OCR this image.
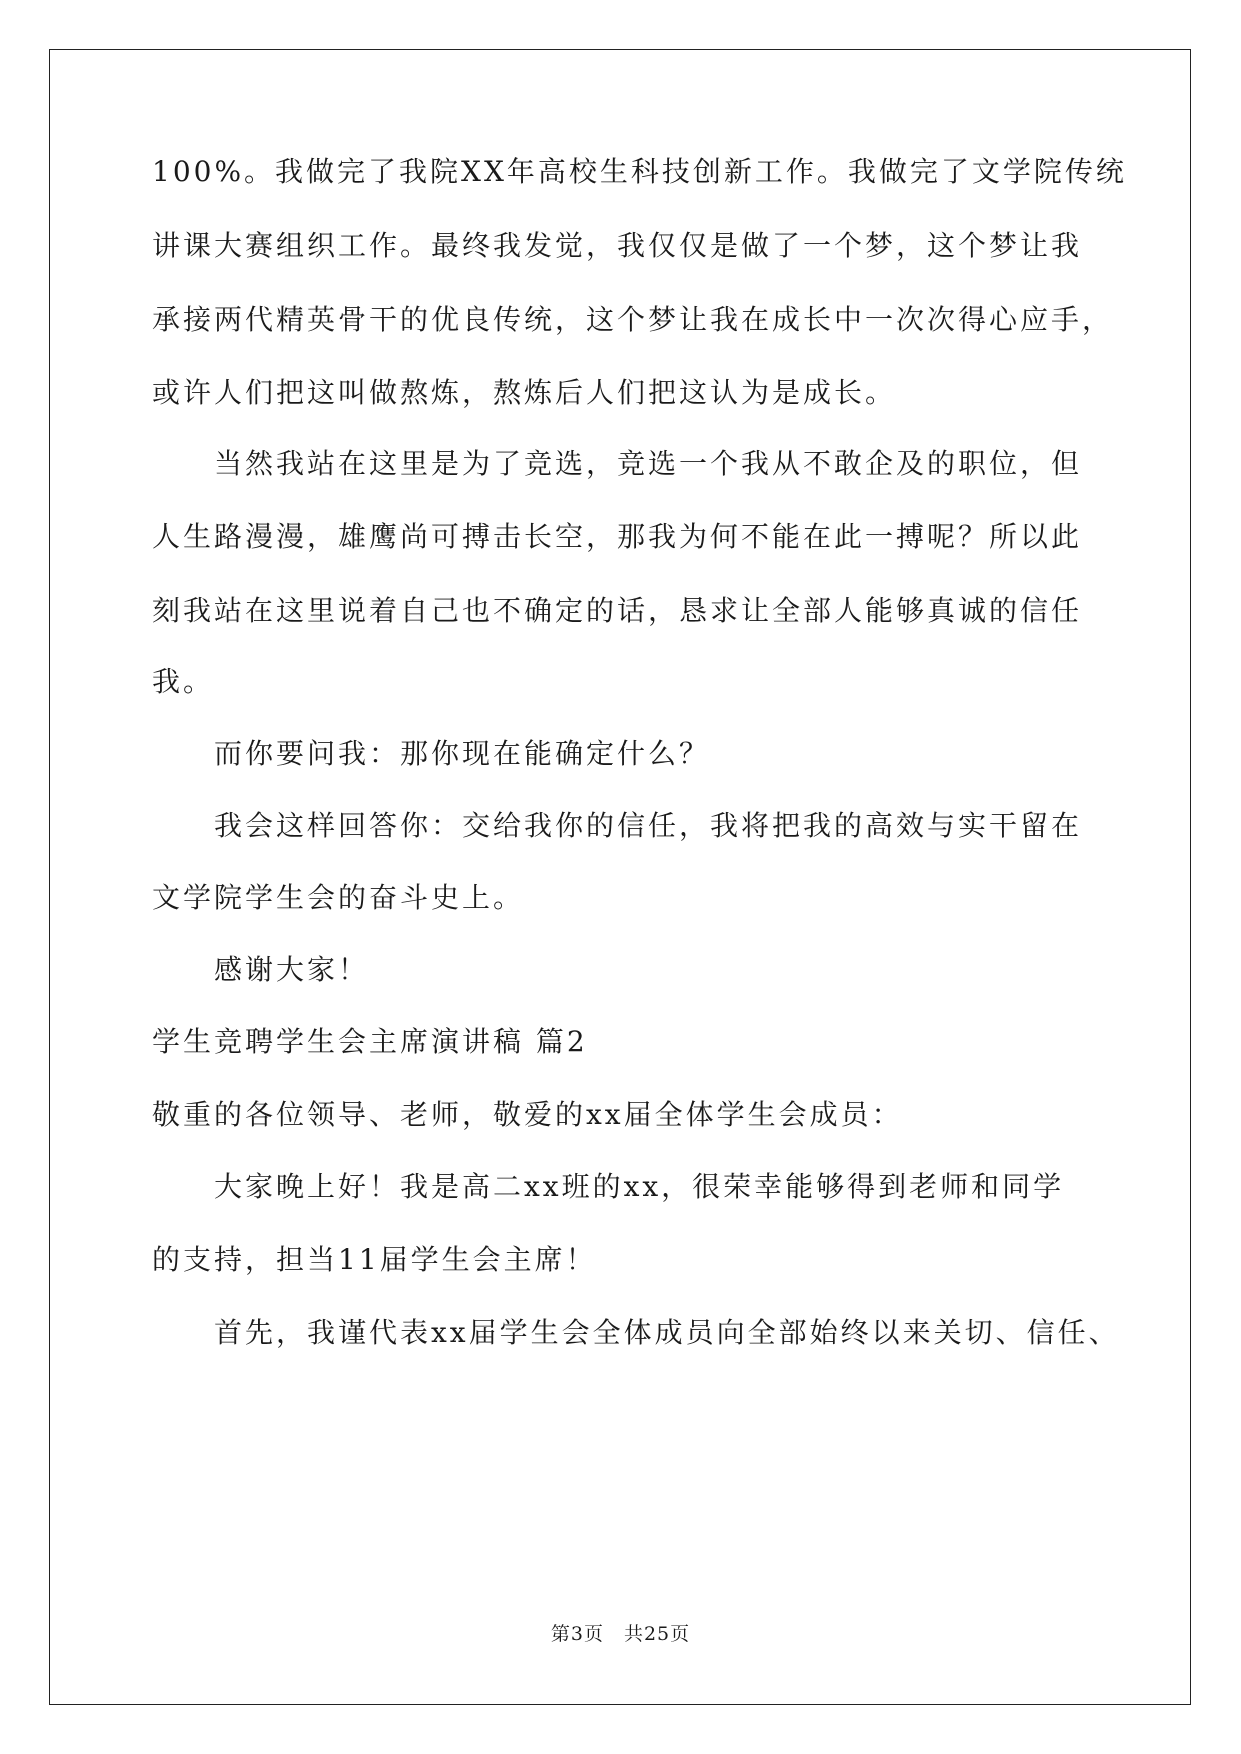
100%。我做完了我院XX年高校生科技创新工作。我做完了文学院传统
讲课大赛组织工作。最终我发觉，我仅仅是做了一个梦，这个梦让我
承接两代精英骨干的优良传统，这个梦让我在成长中一次次得心应手，
或许人们把这叫做熬炼，熬炼后人们把这认为是成长。
当然我站在这里是为了竞选，竞选一个我从不敢企及的职位，但
人生路漫漫，雄鹰尚可搏击长空，那我为何不能在此一搏呢？所以此
刻我站在这里说着自己也不确定的话，恳求让全部人能够真诚的信任
我。
而你要问我：那你现在能确定什么？
我会这样回答你：交给我你的信任，我将把我的高效与实干留在
文学院学生会的奋斗史上。
感谢大家！
学生竞聘学生会主席演讲稿 篇2
敬重的各位领导、老师，敬爱的xx届全体学生会成员：
大家晚上好！我是高二xx班的xx，很荣幸能够得到老师和同学
的支持，担当11届学生会主席！
首先，我谨代表xx届学生会全体成员向全部始终以来关切、信任、
第3页　共25页
